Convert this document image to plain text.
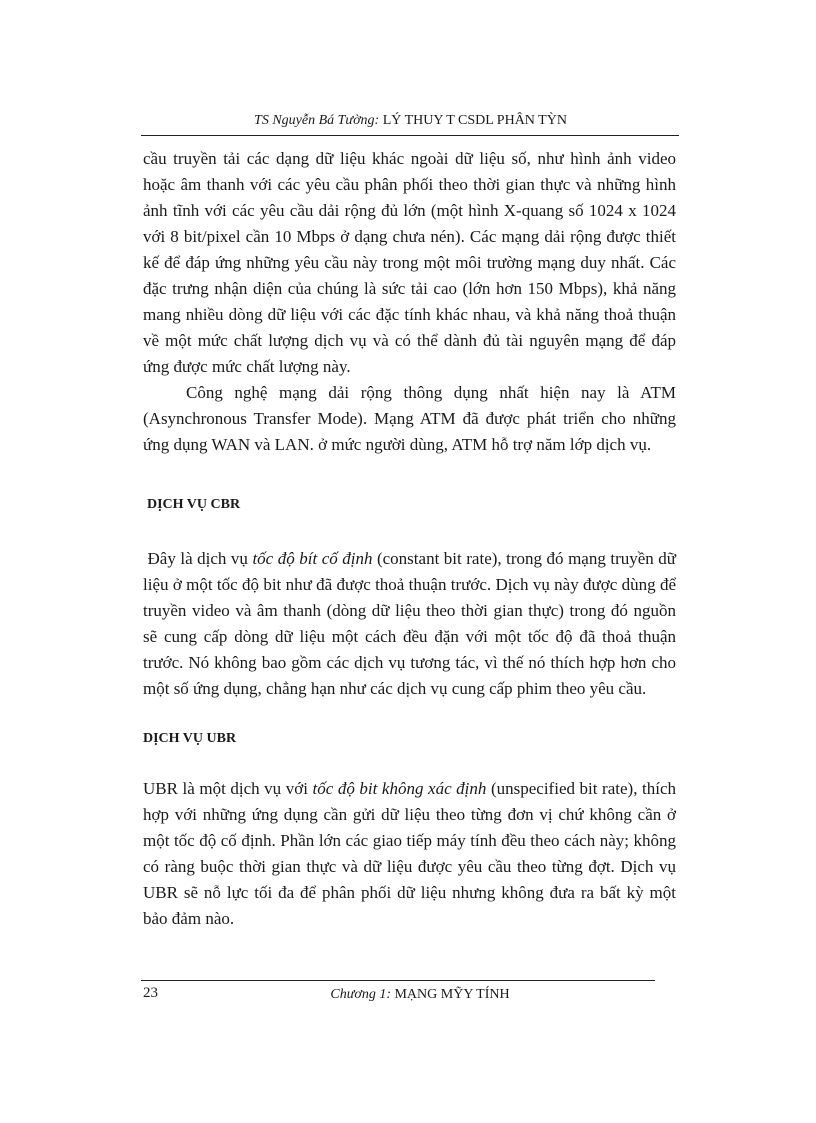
TS Nguyễn Bá Tường: LÝ THUY T CSDL PHÂN TỲN

cầu truyền tải các dạng dữ liệu khác ngoài dữ liệu số, như hình ảnh video hoặc âm thanh với các yêu cầu phân phối theo thời gian thực và những hình ảnh tĩnh với các yêu cầu dải rộng đủ lớn (một hình X-quang số 1024 x 1024 với 8 bit/pixel cần 10 Mbps ở dạng chưa nén). Các mạng dải rộng được thiết kế để đáp ứng những yêu cầu này trong một môi trường mạng duy nhất. Các đặc trưng nhận diện của chúng là sức tải cao (lớn hơn 150 Mbps), khả năng mang nhiều dòng dữ liệu với các đặc tính khác nhau, và khả năng thoả thuận về một mức chất lượng dịch vụ và có thể dành đủ tài nguyên mạng để đáp ứng được mức chất lượng này.

Công nghệ mạng dải rộng thông dụng nhất hiện nay là ATM (Asynchronous Transfer Mode). Mạng ATM đã được phát triển cho những ứng dụng WAN và LAN. ở mức người dùng, ATM hỗ trợ năm lớp dịch vụ.

DỊCH VỤ CBR

Đây là dịch vụ tốc độ bít cố định (constant bit rate), trong đó mạng truyền dữ liệu ở một tốc độ bit như đã được thoả thuận trước. Dịch vụ này được dùng để truyền video và âm thanh (dòng dữ liệu theo thời gian thực) trong đó nguồn sẽ cung cấp dòng dữ liệu một cách đều đặn với một tốc độ đã thoả thuận trước. Nó không bao gồm các dịch vụ tương tác, vì thế nó thích hợp hơn cho một số ứng dụng, chẳng hạn như các dịch vụ cung cấp phim theo yêu cầu.

DỊCH VỤ UBR

UBR là một dịch vụ với tốc độ bit không xác định (unspecified bit rate), thích hợp với những ứng dụng cần gửi dữ liệu theo từng đơn vị chứ không cần ở một tốc độ cố định. Phần lớn các giao tiếp máy tính đều theo cách này; không có ràng buộc thời gian thực và dữ liệu được yêu cầu theo từng đợt. Dịch vụ UBR sẽ nỗ lực tối đa để phân phối dữ liệu nhưng không đưa ra bất kỳ một bảo đảm nào.

23	Chương 1: MẠNG MỸY TÍNH
